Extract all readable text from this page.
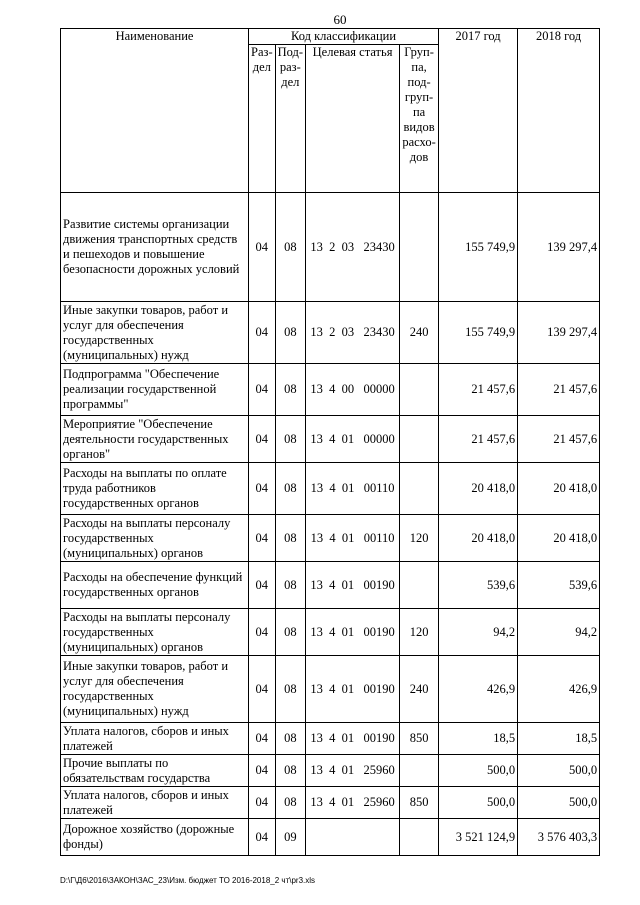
60
Наименование	Код классификации				2017 год	2018 год
	Раз-дел	Под-раз-дел	Целевая статья	Груп-па, под-груп-па видов расхо-дов		
Развитие системы организации движения транспортных средств и пешеходов и повышение безопасности дорожных условий	04	08	13  2  03   23430		155 749,9	139 297,4
Иные закупки товаров, работ и услуг для обеспечения государственных (муниципальных) нужд	04	08	13  2  03   23430	240	155 749,9	139 297,4
Подпрограмма "Обеспечение реализации государственной программы"	04	08	13  4  00   00000		21 457,6	21 457,6
Мероприятие "Обеспечение деятельности государственных органов"	04	08	13  4  01   00000		21 457,6	21 457,6
Расходы на выплаты по оплате труда работников государственных органов	04	08	13  4  01   00110		20 418,0	20 418,0
Расходы на выплаты персоналу государственных (муниципальных) органов	04	08	13  4  01   00110	120	20 418,0	20 418,0
Расходы на обеспечение функций государственных органов	04	08	13  4  01   00190		539,6	539,6
Расходы на выплаты персоналу государственных (муниципальных) органов	04	08	13  4  01   00190	120	94,2	94,2
Иные закупки товаров, работ и услуг для обеспечения государственных (муниципальных) нужд	04	08	13  4  01   00190	240	426,9	426,9
Уплата налогов, сборов и иных платежей	04	08	13  4  01   00190	850	18,5	18,5
Прочие выплаты по обязательствам государства	04	08	13  4  01   25960		500,0	500,0
Уплата налогов, сборов и иных платежей	04	08	13  4  01   25960	850	500,0	500,0
Дорожное хозяйство (дорожные фонды)	04	09			3 521 124,9	3 576 403,3
D:\Г\Д6\2016\ЗАКОН\ЗАС_23\Изм. бюджет ТО 2016-2018_2 чт\pr3.xls
